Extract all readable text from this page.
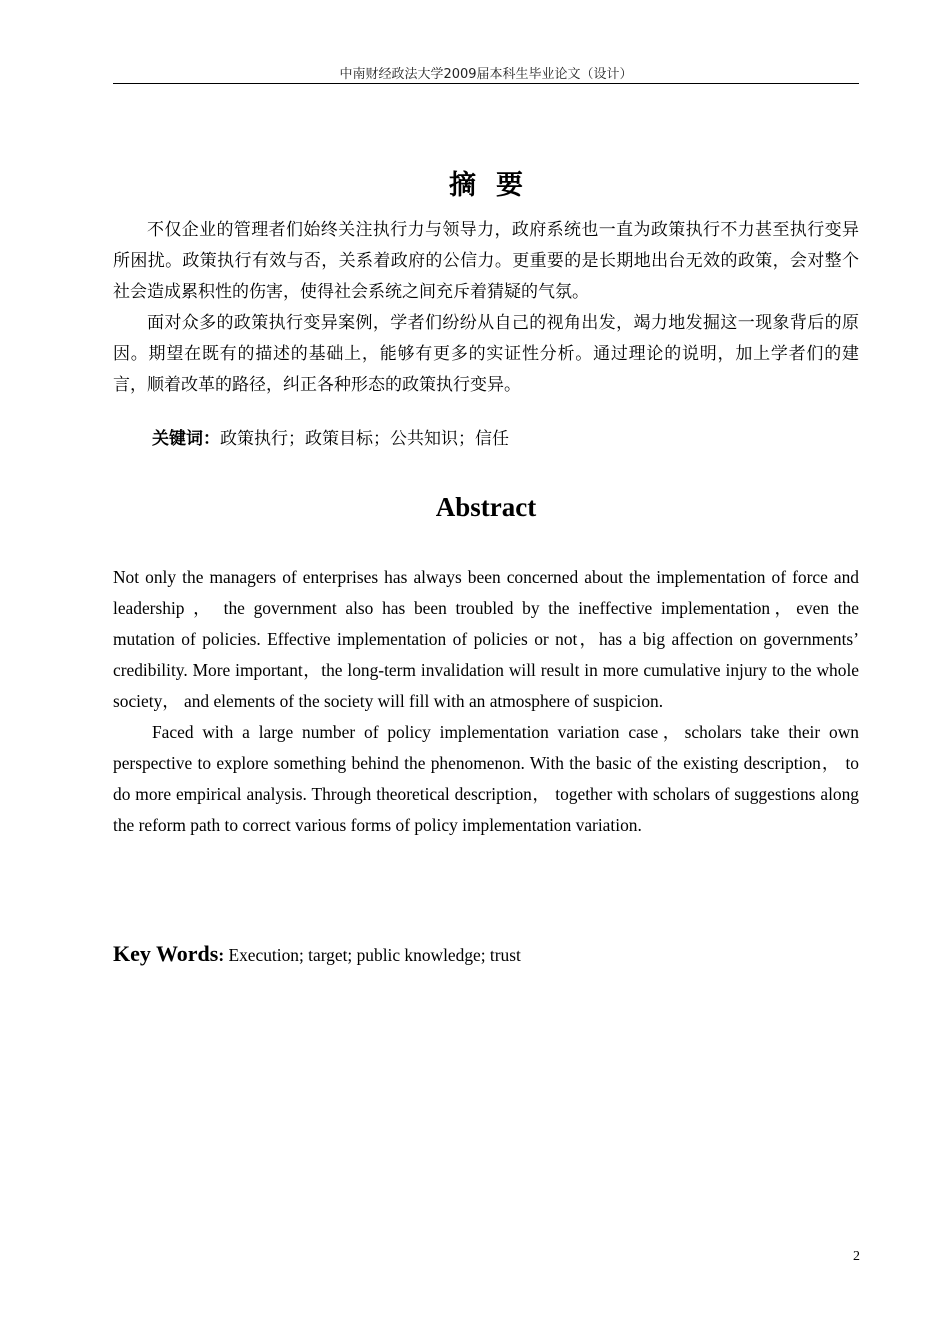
中南财经政法大学2009届本科生毕业论文（设计）
摘要

不仅企业的管理者们始终关注执行力与领导力，政府系统也一直为政策执行不力甚至执行变异所困扰。政策执行有效与否，关系着政府的公信力。更重要的是长期地出台无效的政策，会对整个社会造成累积性的伤害，使得社会系统之间充斥着猜疑的气氛。

面对众多的政策执行变异案例，学者们纷纷从自己的视角出发，竭力地发掘这一现象背后的原因。期望在既有的描述的基础上，能够有更多的实证性分析。通过理论的说明，加上学者们的建言，顺着改革的路径，纠正各种形态的政策执行变异。

关键词：政策执行；政策目标；公共知识；信任
Abstract

Not only the managers of enterprises has always been concerned about the implementation of force and leadership ， the government also has been troubled by the ineffective implementation，even the mutation of policies. Effective implementation of policies or not，has a big affection on governments’ credibility. More important，the long-term invalidation will result in more cumulative injury to the whole society， and elements of the society will fill with an atmosphere of suspicion.

Faced with a large number of policy implementation variation case，scholars take their own perspective to explore something behind the phenomenon. With the basic of the existing description， to do more empirical analysis. Through theoretical description， together with scholars of suggestions along the reform path to correct various forms of policy implementation variation.

Key Words: Execution; target; public knowledge; trust
2
